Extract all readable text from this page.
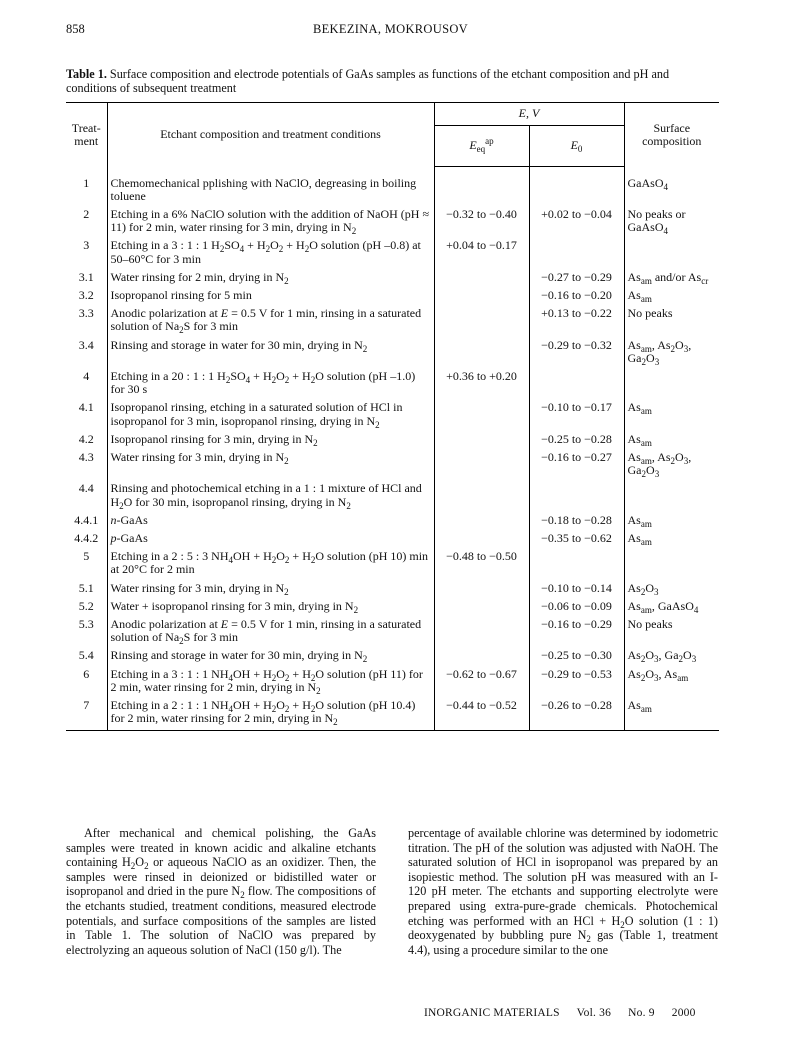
858	BEKEZINA, MOKROUSOV
Table 1. Surface composition and electrode potentials of GaAs samples as functions of the etchant composition and pH and conditions of subsequent treatment
Treat-ment	Etchant composition and treatment conditions	E, V		Surface composition
		$E_{eq}^{ap}$	$E_0$
1	Chemomechanical pplishing with NaClO, degreasing in boiling toluene			GaAsO$_4$
2	Etching in a 6% NaClO solution with the addition of NaOH (pH ≈ 11) for 2 min, water rinsing for 3 min, drying in $N_2$	−0.32 to −0.40	+0.02 to −0.04	No peaks or GaAsO$_4$
3	Etching in a 3 : 1 : 1 $H_2SO_4 + H_2O_2 + H_2O$ solution (pH –0.8) at 50–60°C for 3 min	+0.04 to −0.17		
3.1	Water rinsing for 2 min, drying in $N_2$		−0.27 to −0.29	$As_{am}$ and/or $As_{cr}$
3.2	Isopropanol rinsing for 5 min		−0.16 to −0.20	$As_{am}$
3.3	Anodic polarization at E = 0.5 V for 1 min, rinsing in a saturated solution of $Na_2S$ for 3 min		+0.13 to −0.22	No peaks
3.4	Rinsing and storage in water for 30 min, drying in $N_2$		−0.29 to −0.32	$As_{am}$, $As_2O_3$, $Ga_2O_3$
4	Etching in a 20 : 1 : 1 $H_2SO_4 + H_2O_2 + H_2O$ solution (pH –1.0) for 30 s	+0.36 to +0.20		
4.1	Isopropanol rinsing, etching in a saturated solution of HCl in isopropanol for 3 min, isopropanol rinsing, drying in $N_2$		−0.10 to −0.17	$As_{am}$
4.2	Isopropanol rinsing for 3 min, drying in $N_2$		−0.25 to −0.28	$As_{am}$
4.3	Water rinsing for 3 min, drying in $N_2$		−0.16 to −0.27	$As_{am}$, $As_2O_3$, $Ga_2O_3$
4.4	Rinsing and photochemical etching in a 1 : 1 mixture of HCl and $H_2O$ for 30 min, isopropanol rinsing, drying in $N_2$			
4.4.1	n-GaAs		−0.18 to −0.28	$As_{am}$
4.4.2	p-GaAs		−0.35 to −0.62	$As_{am}$
5	Etching in a 2 : 5 : 3 $NH_4OH + H_2O_2 + H_2O$ solution (pH 10) min at 20°C for 2 min	−0.48 to −0.50		
5.1	Water rinsing for 3 min, drying in $N_2$		−0.10 to −0.14	$As_2O_3$
5.2	Water + isopropanol rinsing for 3 min, drying in $N_2$		−0.06 to −0.09	$As_{am}$, GaAsO$_4$
5.3	Anodic polarization at E = 0.5 V for 1 min, rinsing in a saturated solution of $Na_2S$ for 3 min		−0.16 to −0.29	No peaks
5.4	Rinsing and storage in water for 30 min, drying in $N_2$		−0.25 to −0.30	$As_2O_3$, $Ga_2O_3$
6	Etching in a 3 : 1 : 1 $NH_4OH + H_2O_2 + H_2O$ solution (pH 11) for 2 min, water rinsing for 2 min, drying in $N_2$	−0.62 to −0.67	−0.29 to −0.53	$As_2O_3$, $As_{am}$
7	Etching in a 2 : 1 : 1 $NH_4OH + H_2O_2 + H_2O$ solution (pH 10.4) for 2 min, water rinsing for 2 min, drying in $N_2$	−0.44 to −0.52	−0.26 to −0.28	$As_{am}$
After mechanical and chemical polishing, the GaAs samples were treated in known acidic and alkaline etchants containing $H_2O_2$ or aqueous NaClO as an oxidizer. Then, the samples were rinsed in deionized or bidistilled water or isopropanol and dried in the pure $N_2$ flow. The compositions of the etchants studied, treatment conditions, measured electrode potentials, and surface compositions of the samples are listed in Table 1. The solution of NaClO was prepared by electrolyzing an aqueous solution of NaCl (150 g/l). The
percentage of available chlorine was determined by iodometric titration. The pH of the solution was adjusted with NaOH. The saturated solution of HCl in isopropanol was prepared by an isopiestic method. The solution pH was measured with an I-120 pH meter. The etchants and supporting electrolyte were prepared using extra-pure-grade chemicals. Photochemical etching was performed with an HCl + $H_2O$ solution (1 : 1) deoxygenated by bubbling pure $N_2$ gas (Table 1, treatment 4.4), using a procedure similar to the one
INORGANIC MATERIALS Vol. 36 No. 9 2000
